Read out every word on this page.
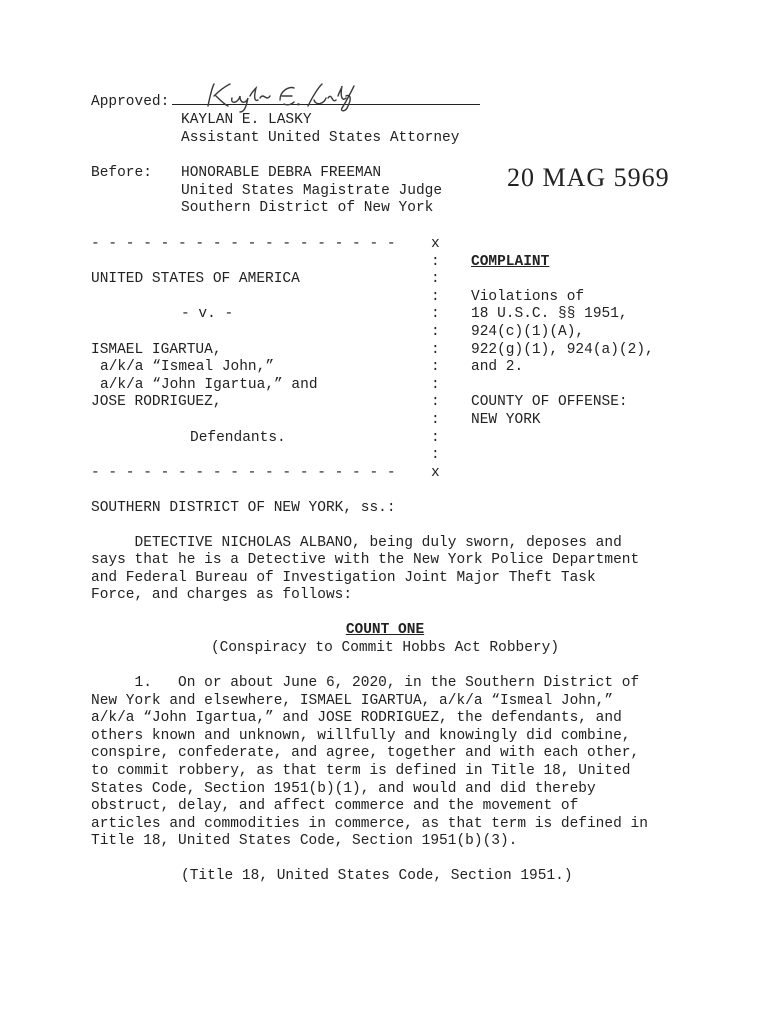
Approved:
KAYLAN E. LASKY
Assistant United States Attorney
Before: HONORABLE DEBRA FREEMAN
United States Magistrate Judge
Southern District of New York
20 MAG 5969
- - - - - - - - - - - - - - - - - - x
:
:
:
:
:
:
:
:
:
:
:
:
UNITED STATES OF AMERICA
- v. -
ISMAEL IGARTUA,
a/k/a “Ismeal John,”
a/k/a “John Igartua,” and
JOSE RODRIGUEZ,
Defendants.
COMPLAINT
Violations of
18 U.S.C. §§ 1951,
924(c)(1)(A),
922(g)(1), 924(a)(2),
and 2.
COUNTY OF OFFENSE:
NEW YORK
- - - - - - - - - - - - - - - - - - x
SOUTHERN DISTRICT OF NEW YORK, ss.:
DETECTIVE NICHOLAS ALBANO, being duly sworn, deposes and
says that he is a Detective with the New York Police Department
and Federal Bureau of Investigation Joint Major Theft Task
Force, and charges as follows:
COUNT ONE
(Conspiracy to Commit Hobbs Act Robbery)
1.   On or about June 6, 2020, in the Southern District of
New York and elsewhere, ISMAEL IGARTUA, a/k/a “Ismeal John,”
a/k/a “John Igartua,” and JOSE RODRIGUEZ, the defendants, and
others known and unknown, willfully and knowingly did combine,
conspire, confederate, and agree, together and with each other,
to commit robbery, as that term is defined in Title 18, United
States Code, Section 1951(b)(1), and would and did thereby
obstruct, delay, and affect commerce and the movement of
articles and commodities in commerce, as that term is defined in
Title 18, United States Code, Section 1951(b)(3).
(Title 18, United States Code, Section 1951.)
